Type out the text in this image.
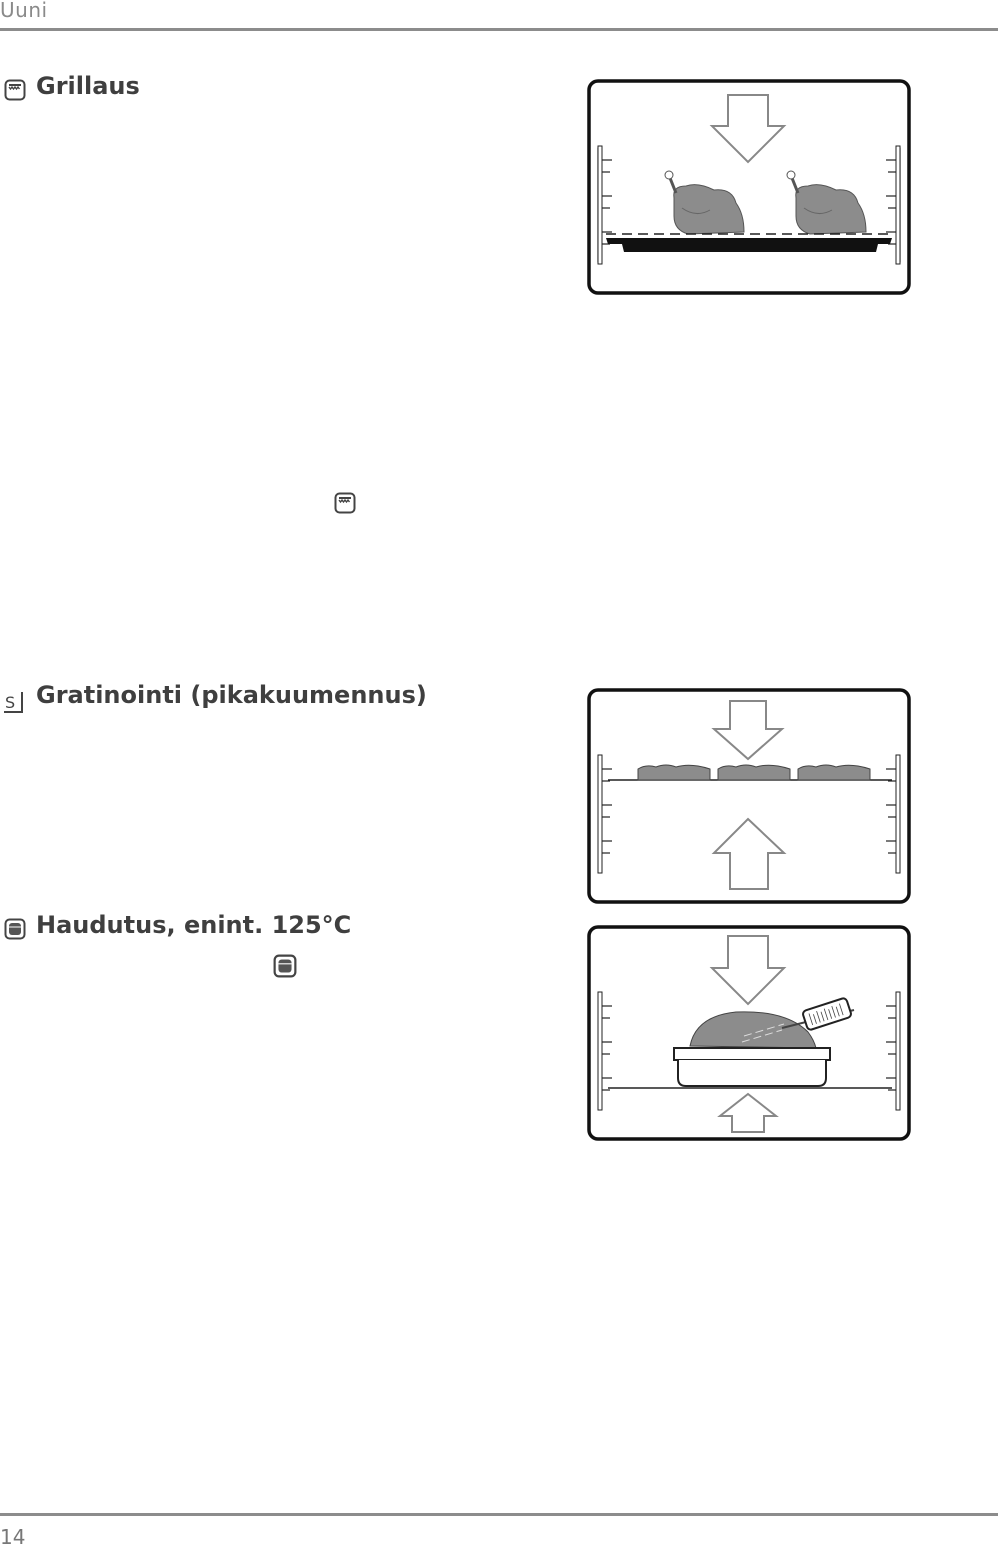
Uuni
Grillaus
S Gratinointi (pikakuumennus)
Haudutus, enint. 125°C
14
